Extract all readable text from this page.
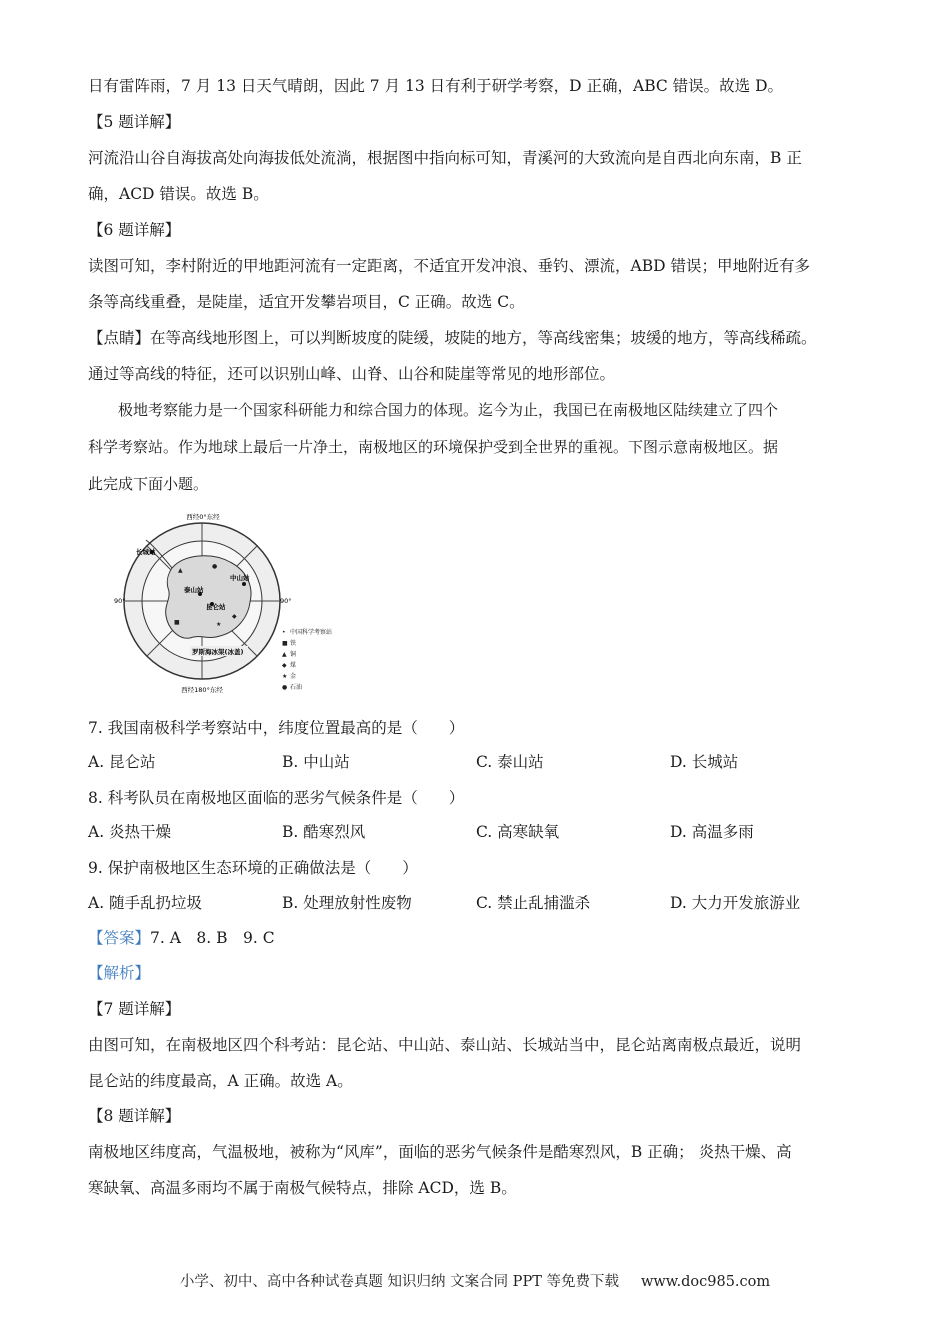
日有雷阵雨，7 月 13 日天气晴朗，因此 7 月 13 日有利于研学考察，D 正确，ABC 错误。故选 D。
【5 题详解】
河流沿山谷自海拔高处向海拔低处流淌，根据图中指向标可知，青溪河的大致流向是自西北向东南，B 正
确，ACD 错误。故选 B。
【6 题详解】
读图可知，李村附近的甲地距河流有一定距离，不适宜开发冲浪、垂钓、漂流，ABD 错误；甲地附近有多
条等高线重叠，是陡崖，适宜开发攀岩项目，C 正确。故选 C。
【点睛】在等高线地形图上，可以判断坡度的陡缓，坡陡的地方，等高线密集；坡缓的地方，等高线稀疏。
通过等高线的特征，还可以识别山峰、山脊、山谷和陡崖等常见的地形部位。
极地考察能力是一个国家科研能力和综合国力的体现。迄今为止，我国已在南极地区陆续建立了四个
科学考察站。作为地球上最后一片净土，南极地区的环境保护受到全世界的重视。下图示意南极地区。据
此完成下面小题。
西经0°东经
西经180°东经
90°	90°
长城站
中山站
泰山站
昆仑站
罗斯海冰架(冰盖)
▲
●
◆
■	★
中国科学考察站
铁
铜
煤
金
石油
•
■
▲
◆
★
●
7. 我国南极科学考察站中，纬度位置最高的是（　　）
A. 昆仑站	B. 中山站	C. 泰山站	D. 长城站
8. 科考队员在南极地区面临的恶劣气候条件是（　　）
A. 炎热干燥	B. 酷寒烈风	C. 高寒缺氧	D. 高温多雨
9. 保护南极地区生态环境的正确做法是（　　）
A. 随手乱扔垃圾	B. 处理放射性废物	C. 禁止乱捕滥杀	D. 大力开发旅游业
【答案】7. A　8. B　9. C
【解析】
【7 题详解】
由图可知，在南极地区四个科考站：昆仑站、中山站、泰山站、长城站当中，昆仑站离南极点最近，说明
昆仑站的纬度最高，A 正确。故选 A。
【8 题详解】
南极地区纬度高，气温极地，被称为“风库”，面临的恶劣气候条件是酷寒烈风，B 正确； 炎热干燥、高
寒缺氧、高温多雨均不属于南极气候特点，排除 ACD，选 B。
小学、初中、高中各种试卷真题 知识归纳 文案合同 PPT 等免费下载 www.doc985.com
